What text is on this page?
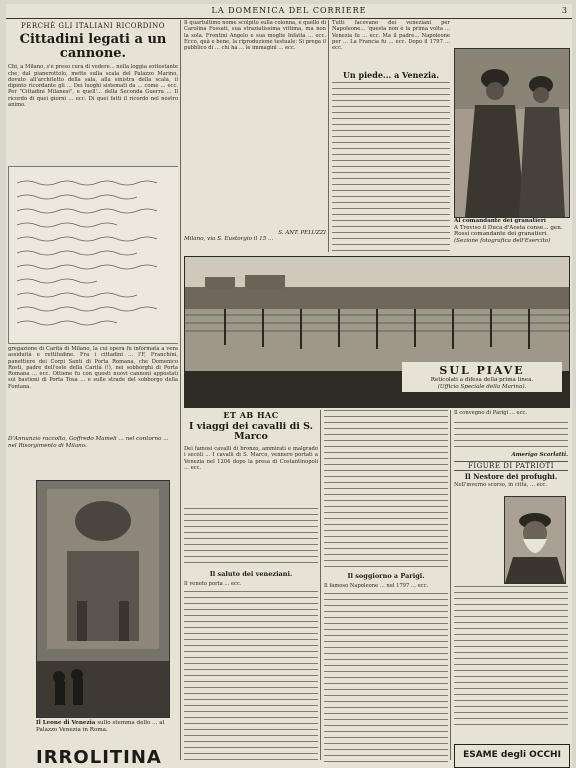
LA DOMENICA DEL CORRIERE	3
PERCHÈ GLI ITALIANI RICORDINO
Cittadini legati a un cannone.
Chi, a Milano, s'è preso cura di vedere... nella loggia sottostante che, dal pianerottolo, mette sulla scala del Palazzo Marino, dovuto all'architetto della sala, alla sinistra della scala, il dipinto ricordante gli ... Dei luoghi sistemati da ... come ... ecc. Per "Cittadini Milanesi", e quell'... della Seconda Guerra ... Il ricordo di quei giorni ... ecc. Di quei fatti il ricordo nel nostro animo.
gregazione di Carità di Milano, la cui opera fu informata a vera assiduità e rettitudine. Fra i cittadini ... l'F, Franchini, panettiere dei Corpi Santi di Porta Romana, che Domenico Rosti, padre dell'oste della Carità (!), nei sobborghi di Porta Romana ... ecc. Ottiene fu con questi nuovi cannoni appostati sui bastioni di Porta Tosa ... e sulle strade del sobborgo della Fontana.
D'Annunzio raccolto, Goffredo Mameli ... nel contorno ... nel Risorgimento di Milano.
Il Leone di Venezia sullo stemma dello ... al Palazzo Venezia in Roma.
IRROLITINA
Il quartultimo nome scolpito sulla colonna, è quello di Carolina Fossati, sua straziatissima vittima, ma non la sola. Frontini Angelo e sua moglie Infatta ... ecc. Ecco, quà e bene, la riproduzione testuale: Si prega il pubblico di ... chi ha ... le immagini ... ecc.
S. ANT. PELUZZI
Milano, via S. Eustorgio il 15 ...
Tutti facevano dei veneziani per Napoleone... 'questa non è la prima volta ... Venezia fu ... ecc. Ma il padre... Napoleone per ... La Francia fu ... ecc. Dopo il 1797 ... ecc.
Un piede... a Venezia.
Al comandante dei granatieri
A Treviso il Duca d'Aosta conse... gen. Rossi comandante dei granatieri. (Sezione fotografica dell'Esercito)
SUL PIAVE
Reticolati a difesa della prima linea.
(Ufficio Speciale della Marina).
ET AB HAC
I viaggi dei cavalli di S. Marco
Dei famosi cavalli di bronzo, ammirati e malgrado i secoli ... I cavalli di S. Marco, vennero portati a Venezia nel 1204 dopo la presa di Costantinopoli ... ecc.
Il saluto dei veneziani.
Il veneto porta ... ecc.
Il soggiorno a Parigi.
Il famoso Napoleone ... nel 1797 ... ecc.
Il convegno di Parigi ... ecc.
Amerigo Scarlatti.
FIGURE DI PATRIOTI
Il Nestore dei profughi.
Nell'inverno scorso, in città, ... ecc.
ESAME degli OCCHI
